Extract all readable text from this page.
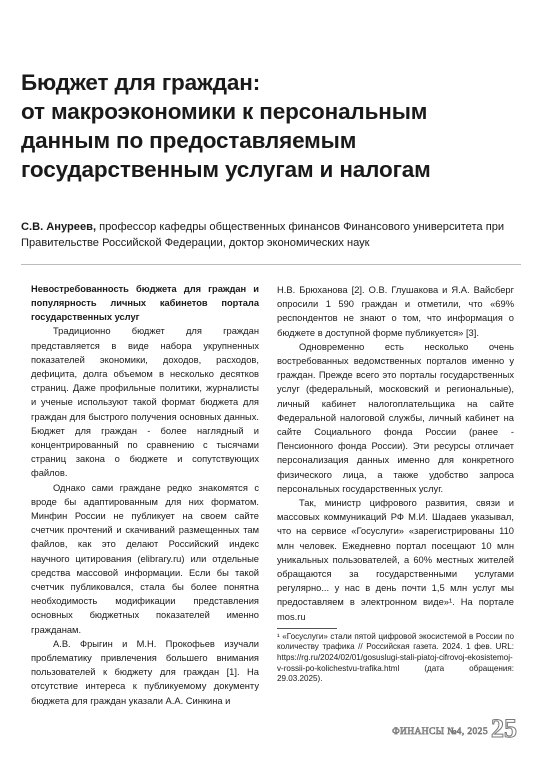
Бюджет для граждан:
от макроэкономики к персональным
данным по предоставляемым
государственным услугам и налогам
С.В. Ануреев, профессор кафедры общественных финансов Финансового университета при Правительстве Российской Федерации, доктор экономических наук

Невостребованность бюджета для граждан и популярность личных кабинетов портала государственных услуг

Традиционно бюджет для граждан представляется в виде набора укрупненных показателей экономики, доходов, расходов, дефицита, долга объемом в несколько десятков страниц. Даже профильные политики, журналисты и ученые используют такой формат бюджета для граждан для быстрого получения основных данных. Бюджет для граждан - более наглядный и концентрированный по сравнению с тысячами страниц закона о бюджете и сопутствующих файлов.

Однако сами граждане редко знакомятся с вроде бы адаптированным для них форматом. Минфин России не публикует на своем сайте счетчик прочтений и скачиваний размещенных там файлов, как это делают Российский индекс научного цитирования (elibrary.ru) или отдельные средства массовой информации. Если бы такой счетчик публиковался, стала бы более понятна необходимость модификации представления основных бюджетных показателей именно гражданам.

А.В. Фрыгин и М.Н. Прокофьев изучали проблематику привлечения большего внимания пользователей к бюджету для граждан [1]. На отсутствие интереса к публикуемому документу бюджета для граждан указали А.А. Синкина и

Н.В. Брюханова [2]. О.В. Глушакова и Я.А. Вайсберг опросили 1 590 граждан и отметили, что «69% респондентов не знают о том, что информация о бюджете в доступной форме публикуется» [3].

Одновременно есть несколько очень востребованных ведомственных порталов именно у граждан. Прежде всего это порталы государственных услуг (федеральный, московский и региональные), личный кабинет налогоплательщика на сайте Федеральной налоговой службы, личный кабинет на сайте Социального фонда России (ранее - Пенсионного фонда России). Эти ресурсы отличает персонализация данных именно для конкретного физического лица, а также удобство запроса персональных государственных услуг.

Так, министр цифрового развития, связи и массовых коммуникаций РФ М.И. Шадаев указывал, что на сервисе «Госуслуги» «зарегистрированы 110 млн человек. Ежедневно портал посещают 10 млн уникальных пользователей, а 60% местных жителей обращаются за государственными услугами регулярно... у нас в день почти 1,5 млн услуг мы предоставляем в электронном виде»¹. На портале mos.ru

¹ «Госуслуги» стали пятой цифровой экосистемой в России по количеству трафика // Российская газета. 2024. 1 фев. URL: https://rg.ru/2024/02/01/gosuslugi-stali-piatoj-cifrovoj-ekosistemoj-v-rossii-po-kolichestvu-trafika.html (дата обращения: 29.03.2025).

ФИНАНСЫ №4, 2025 25
